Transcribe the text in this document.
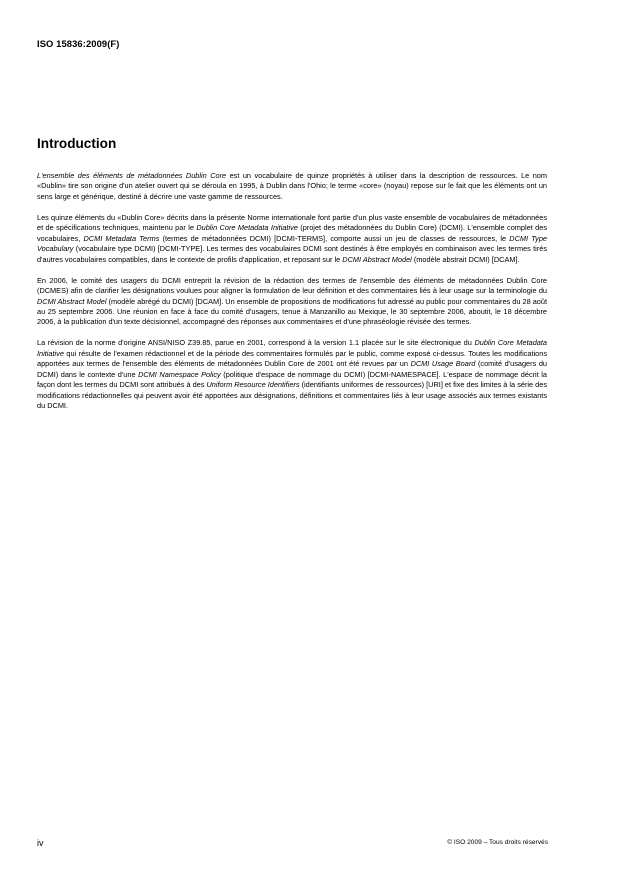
ISO 15836:2009(F)
Introduction

L'ensemble des éléments de métadonnées Dublin Core est un vocabulaire de quinze propriétés à utiliser dans la description de ressources. Le nom «Dublin» tire son origine d'un atelier ouvert qui se déroula en 1995, à Dublin dans l'Ohio; le terme «core» (noyau) repose sur le fait que les éléments ont un sens large et générique, destiné à décrire une vaste gamme de ressources.

Les quinze éléments du «Dublin Core» décrits dans la présente Norme internationale font partie d'un plus vaste ensemble de vocabulaires de métadonnées et de spécifications techniques, maintenu par le Dublin Core Metadata Initiative (projet des métadonnées du Dublin Core) (DCMI). L'ensemble complet des vocabulaires, DCMI Metadata Terms (termes de métadonnées DCMI) [DCMI-TERMS], comporte aussi un jeu de classes de ressources, le DCMI Type Vocabulary (vocabulaire type DCMI) [DCMI-TYPE]. Les termes des vocabulaires DCMI sont destinés à être employés en combinaison avec les termes tirés d'autres vocabulaires compatibles, dans le contexte de profils d'application, et reposant sur le DCMI Abstract Model (modèle abstrait DCMI) [DCAM].

En 2006, le comité des usagers du DCMI entreprit la révision de la rédaction des termes de l'ensemble des éléments de métadonnées Dublin Core (DCMES) afin de clarifier les désignations voulues pour aligner la formulation de leur définition et des commentaires liés à leur usage sur la terminologie du DCMI Abstract Model (modèle abrégé du DCMI) [DCAM]. Un ensemble de propositions de modifications fut adressé au public pour commentaires du 28 août au 25 septembre 2006. Une réunion en face à face du comité d'usagers, tenue à Manzanillo au Mexique, le 30 septembre 2006, aboutit, le 18 décembre 2006, à la publication d'un texte décisionnel, accompagné des réponses aux commentaires et d'une phraséologie révisée des termes.

La révision de la norme d'origine ANSI/NISO Z39.85, parue en 2001, correspond à la version 1.1 placée sur le site électronique du Dublin Core Metadata Initiative qui résulte de l'examen rédactionnel et de la période des commentaires formulés par le public, comme exposé ci-dessus. Toutes les modifications apportées aux termes de l'ensemble des éléments de métadonnées Dublin Core de 2001 ont été revues par un DCMI Usage Board (comité d'usagers du DCMI) dans le contexte d'une DCMI Namespace Policy (politique d'espace de nommage du DCMI) [DCMI-NAMESPACE]. L'espace de nommage décrit la façon dont les termes du DCMI sont attribués à des Uniform Resource Identifiers (identifiants uniformes de ressources) [URI] et fixe des limites à la série des modifications rédactionnelles qui peuvent avoir été apportées aux désignations, définitions et commentaires liés à leur usage associés aux termes existants du DCMI.

iv	© ISO 2009 – Tous droits réservés
